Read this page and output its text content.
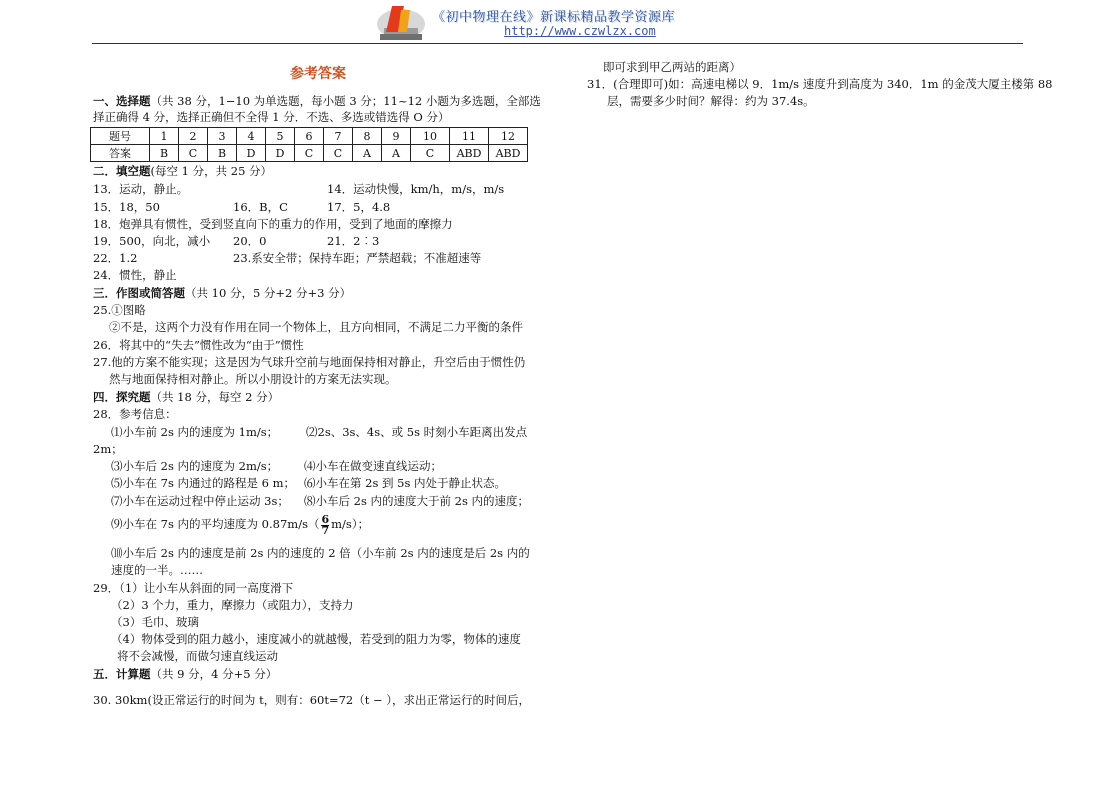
《初中物理在线》新课标精品教学资源库
http://www.czwlzx.com
参考答案
一、选择题（共 38 分，1−10 为单选题，每小题 3 分；11~12 小题为多选题，全部选
择正确得 4 分，选择正确但不全得 1 分．不选、多选或错选得 O 分）
题号	1	2	3	4	5	6	7	8	9	10	11	12
答案	B	C	B	D	D	C	C	A	A	C	ABD	ABD
二．填空题(每空 1 分，共 25 分）
13．运动，静止。	14．运动快慢，km/h，m/s，m/s
15．18，50	16．B，C	17．5，4.8
18．炮弹具有惯性，受到竖直向下的重力的作用，受到了地面的摩擦力
19．500，向北，减小 20．0	21．2︰3
22．1.2	23.系安全带；保持车距；严禁超载；不准超速等
24．惯性，静止
三．作图或简答题（共 10 分，5 分+2 分+3 分）
25.①图略
②不是，这两个力没有作用在同一个物体上，且方向相同，不满足二力平衡的条件
26．将其中的“失去”惯性改为“由于”惯性
27.他的方案不能实现；这是因为气球升空前与地面保持相对静止，升空后由于惯性仍
然与地面保持相对静止。所以小朋设计的方案无法实现。
四．探究题（共 18 分，每空 2 分）
28．参考信息：
⑴小车前 2s 内的速度为 1m/s； ⑵2s、3s、4s、或 5s 时刻小车距离出发点
2m；
⑶小车后 2s 内的速度为 2m/s； ⑷小车在做变速直线运动；
⑸小车在 7s 内通过的路程是 6 m； ⑹小车在第 2s 到 5s 内处于静止状态。
⑺小车在运动过程中停止运动 3s； ⑻小车后 2s 内的速度大于前 2s 内的速度；
⑼小车在 7s 内的平均速度为 $0.87m/s( \frac{6}{7} m/s)$；
⑽小车后 2s 内的速度是前 2s 内的速度的 2 倍（小车前 2s 内的速度是后 2s 内的
速度的一半。……
29．（1）让小车从斜面的同一高度滑下
（2）3 个力，重力，摩擦力（或阻力），支持力
（3）毛巾、玻璃
（4）物体受到的阻力越小，速度减小的就越慢，若受到的阻力为零，物体的速度
将不会减慢，而做匀速直线运动
五．计算题（共 9 分，4 分+5 分）
30. 30km(设正常运行的时间为 t，则有：60t=72（t − ），求出正常运行的时间后，
即可求到甲乙两站的距离）
31．(合理即可)如：高速电梯以 9．1m/s 速度升到高度为 340．1m 的金茂大厦主楼第 88
层，需要多少时间？解得：约为 37.4s。
